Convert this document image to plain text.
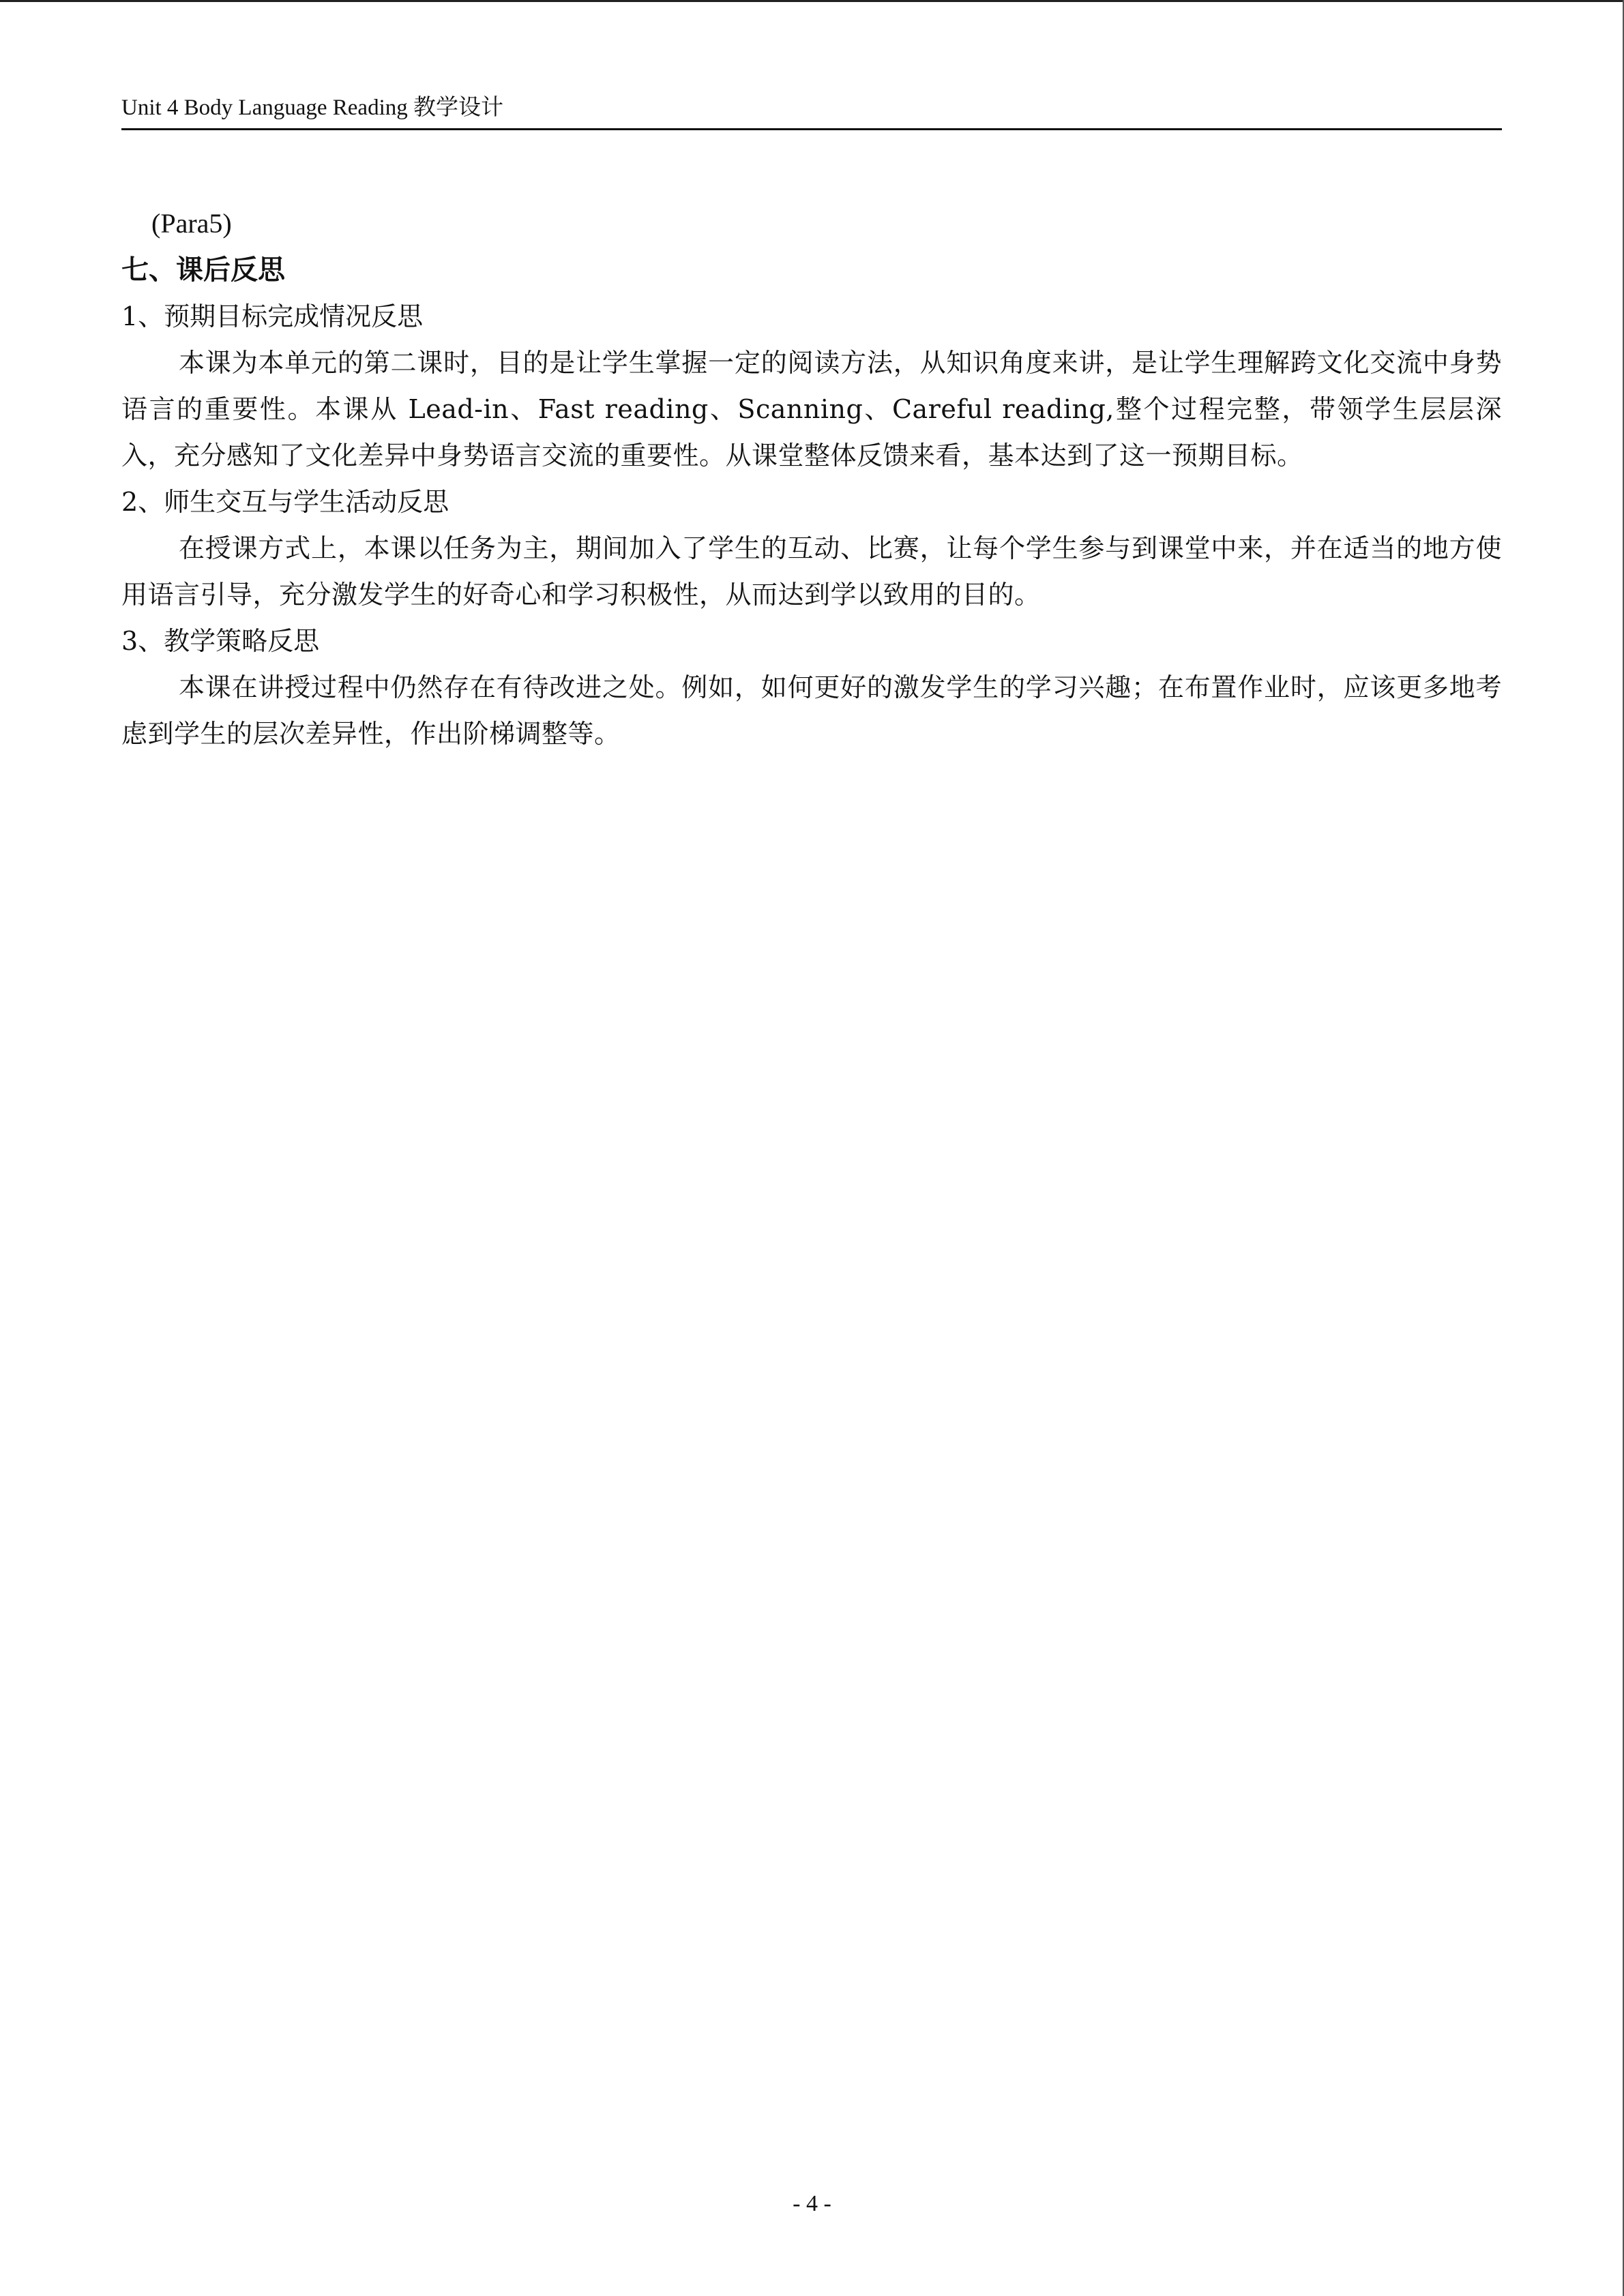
Unit 4 Body Language Reading 教学设计

(Para5)

七、课后反思

1、预期目标完成情况反思

本课为本单元的第二课时，目的是让学生掌握一定的阅读方法，从知识角度来讲，是让学生理解跨文化交流中身势语言的重要性。本课从 Lead-in、Fast reading、Scanning、Careful reading,整个过程完整，带领学生层层深入，充分感知了文化差异中身势语言交流的重要性。从课堂整体反馈来看，基本达到了这一预期目标。

2、师生交互与学生活动反思

在授课方式上，本课以任务为主，期间加入了学生的互动、比赛，让每个学生参与到课堂中来，并在适当的地方使用语言引导，充分激发学生的好奇心和学习积极性，从而达到学以致用的目的。

3、教学策略反思

本课在讲授过程中仍然存在有待改进之处。例如，如何更好的激发学生的学习兴趣；在布置作业时，应该更多地考虑到学生的层次差异性，作出阶梯调整等。

- 4 -
